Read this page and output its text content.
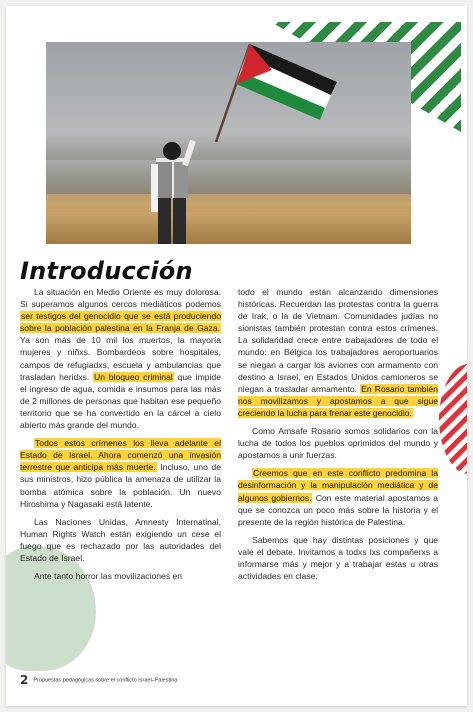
Introducción

La situación en Medio Oriente es muy dolorosa. Si superamos algunos cercos mediáticos podemos ser testigos del genocidio que se está produciendo sobre la población palestina en la Franja de Gaza. Ya son más de 10 mil los muertos, la mayoría mujeres y niñxs. Bombardeos sobre hospitales, campos de refugiadxs, escuela y ambulancias que trasladan heridxs. Un bloqueo criminal que impide el ingreso de agua, comida e insumos para las más de 2 millones de personas que habitan ese pequeño territorio que se ha convertido en la cárcel a cielo abierto más grande del mundo.

Todos estos crímenes los lleva adelante el Estado de Israel. Ahora comenzó una invasión terrestre que anticipa más muerte. Incluso, uno de sus ministros, hizo pública la amenaza de utilizar la bomba atómica sobre la población. Un nuevo Hiroshima y Nagasaki está latente.

Las Naciones Unidas, Amnesty Internatinal, Human Rights Watch están exigiendo un cese el fuego que es rechazado por las autoridades del Estado de Israel.

Ante tanto horror las movilizaciones en

todo el mundo están alcanzando dimensiones históricas. Recuerdan las protestas contra la guerra de Irak, o la de Vietnam. Comunidades judías no sionistas también protestan contra estos crímenes. La solidaridad crece entre trabajadores de todo el mundo: en Bélgica los trabajadores aeroportuarios se niegan a cargar los aviones con armamento con destino a Israel, en Estados Unidos camioneros se niegan a trasladar armamento. En Rosario también nos movilizamos y apostamos a que sigue creciendo la lucha para frenar este genocidio.

Como Amsafe Rosario somos solidarios con la lucha de todos los pueblos oprimidos del mundo y apostamos a unir fuerzas.

Creemos que en este conflicto predomina la desinformación y la manipulación mediática y de algunos gobiernos. Con este material apostamos a que se conozca un poco más sobre la historia y el presente de la región histórica de Palestina.

Sabemos que hay distintas posiciones y que vale el debate. Invitamos a todxs lxs compañerxs a informarse más y mejor y a trabajar estas u otras actividades en clase.

2 Propuestas pedagógicas sobre el conflicto Israel–Palestina
